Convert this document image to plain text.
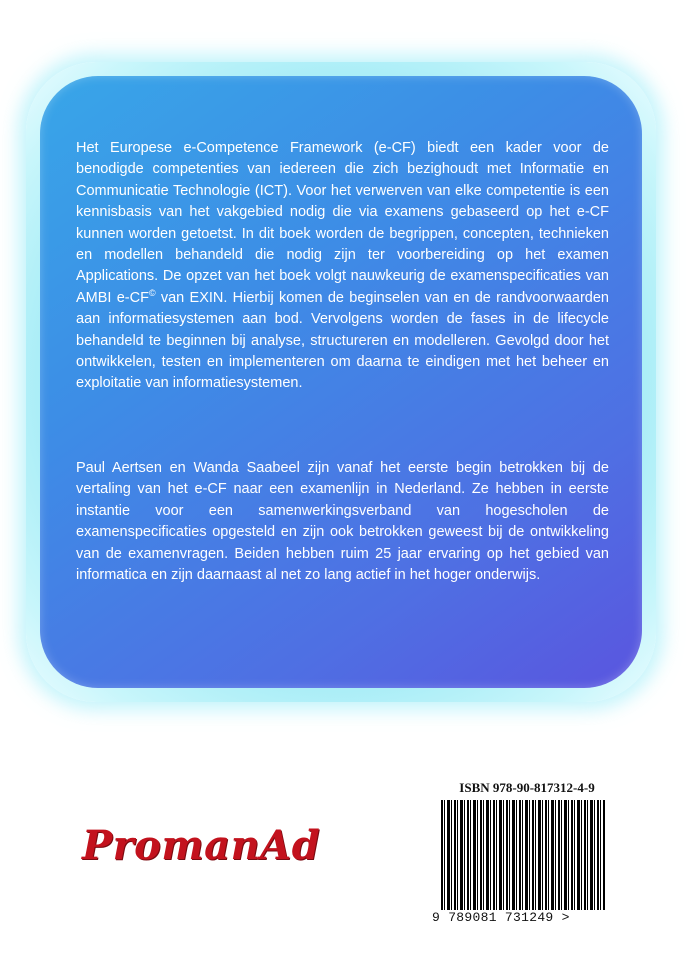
Het Europese e-Competence Framework (e-CF) biedt een kader voor de benodigde competenties van iedereen die zich bezighoudt met Informatie en Communicatie Technologie (ICT). Voor het verwerven van elke competentie is een kennisbasis van het vakgebied nodig die via examens gebaseerd op het e-CF kunnen worden getoetst. In dit boek worden de begrippen, concepten, technieken en modellen behandeld die nodig zijn ter voorbereiding op het examen Applications. De opzet van het boek volgt nauwkeurig de examenspecificaties van AMBI e-CF© van EXIN. Hierbij komen de beginselen van en de randvoorwaarden aan informatiesystemen aan bod. Vervolgens worden de fases in de lifecycle behandeld te beginnen bij analyse, structureren en modelleren. Gevolgd door het ontwikkelen, testen en implementeren om daarna te eindigen met het beheer en exploitatie van informatiesystemen.

Paul Aertsen en Wanda Saabeel zijn vanaf het eerste begin betrokken bij de vertaling van het e-CF naar een examenlijn in Nederland. Ze hebben in eerste instantie voor een samenwerkingsverband van hogescholen de examenspecificaties opgesteld en zijn ook betrokken geweest bij de ontwikkeling van de examenvragen. Beiden hebben ruim 25 jaar ervaring op het gebied van informatica en zijn daarnaast al net zo lang actief in het hoger onderwijs.

PromanAd
ISBN 978-90-817312-4-9
9 789081 731249 >
